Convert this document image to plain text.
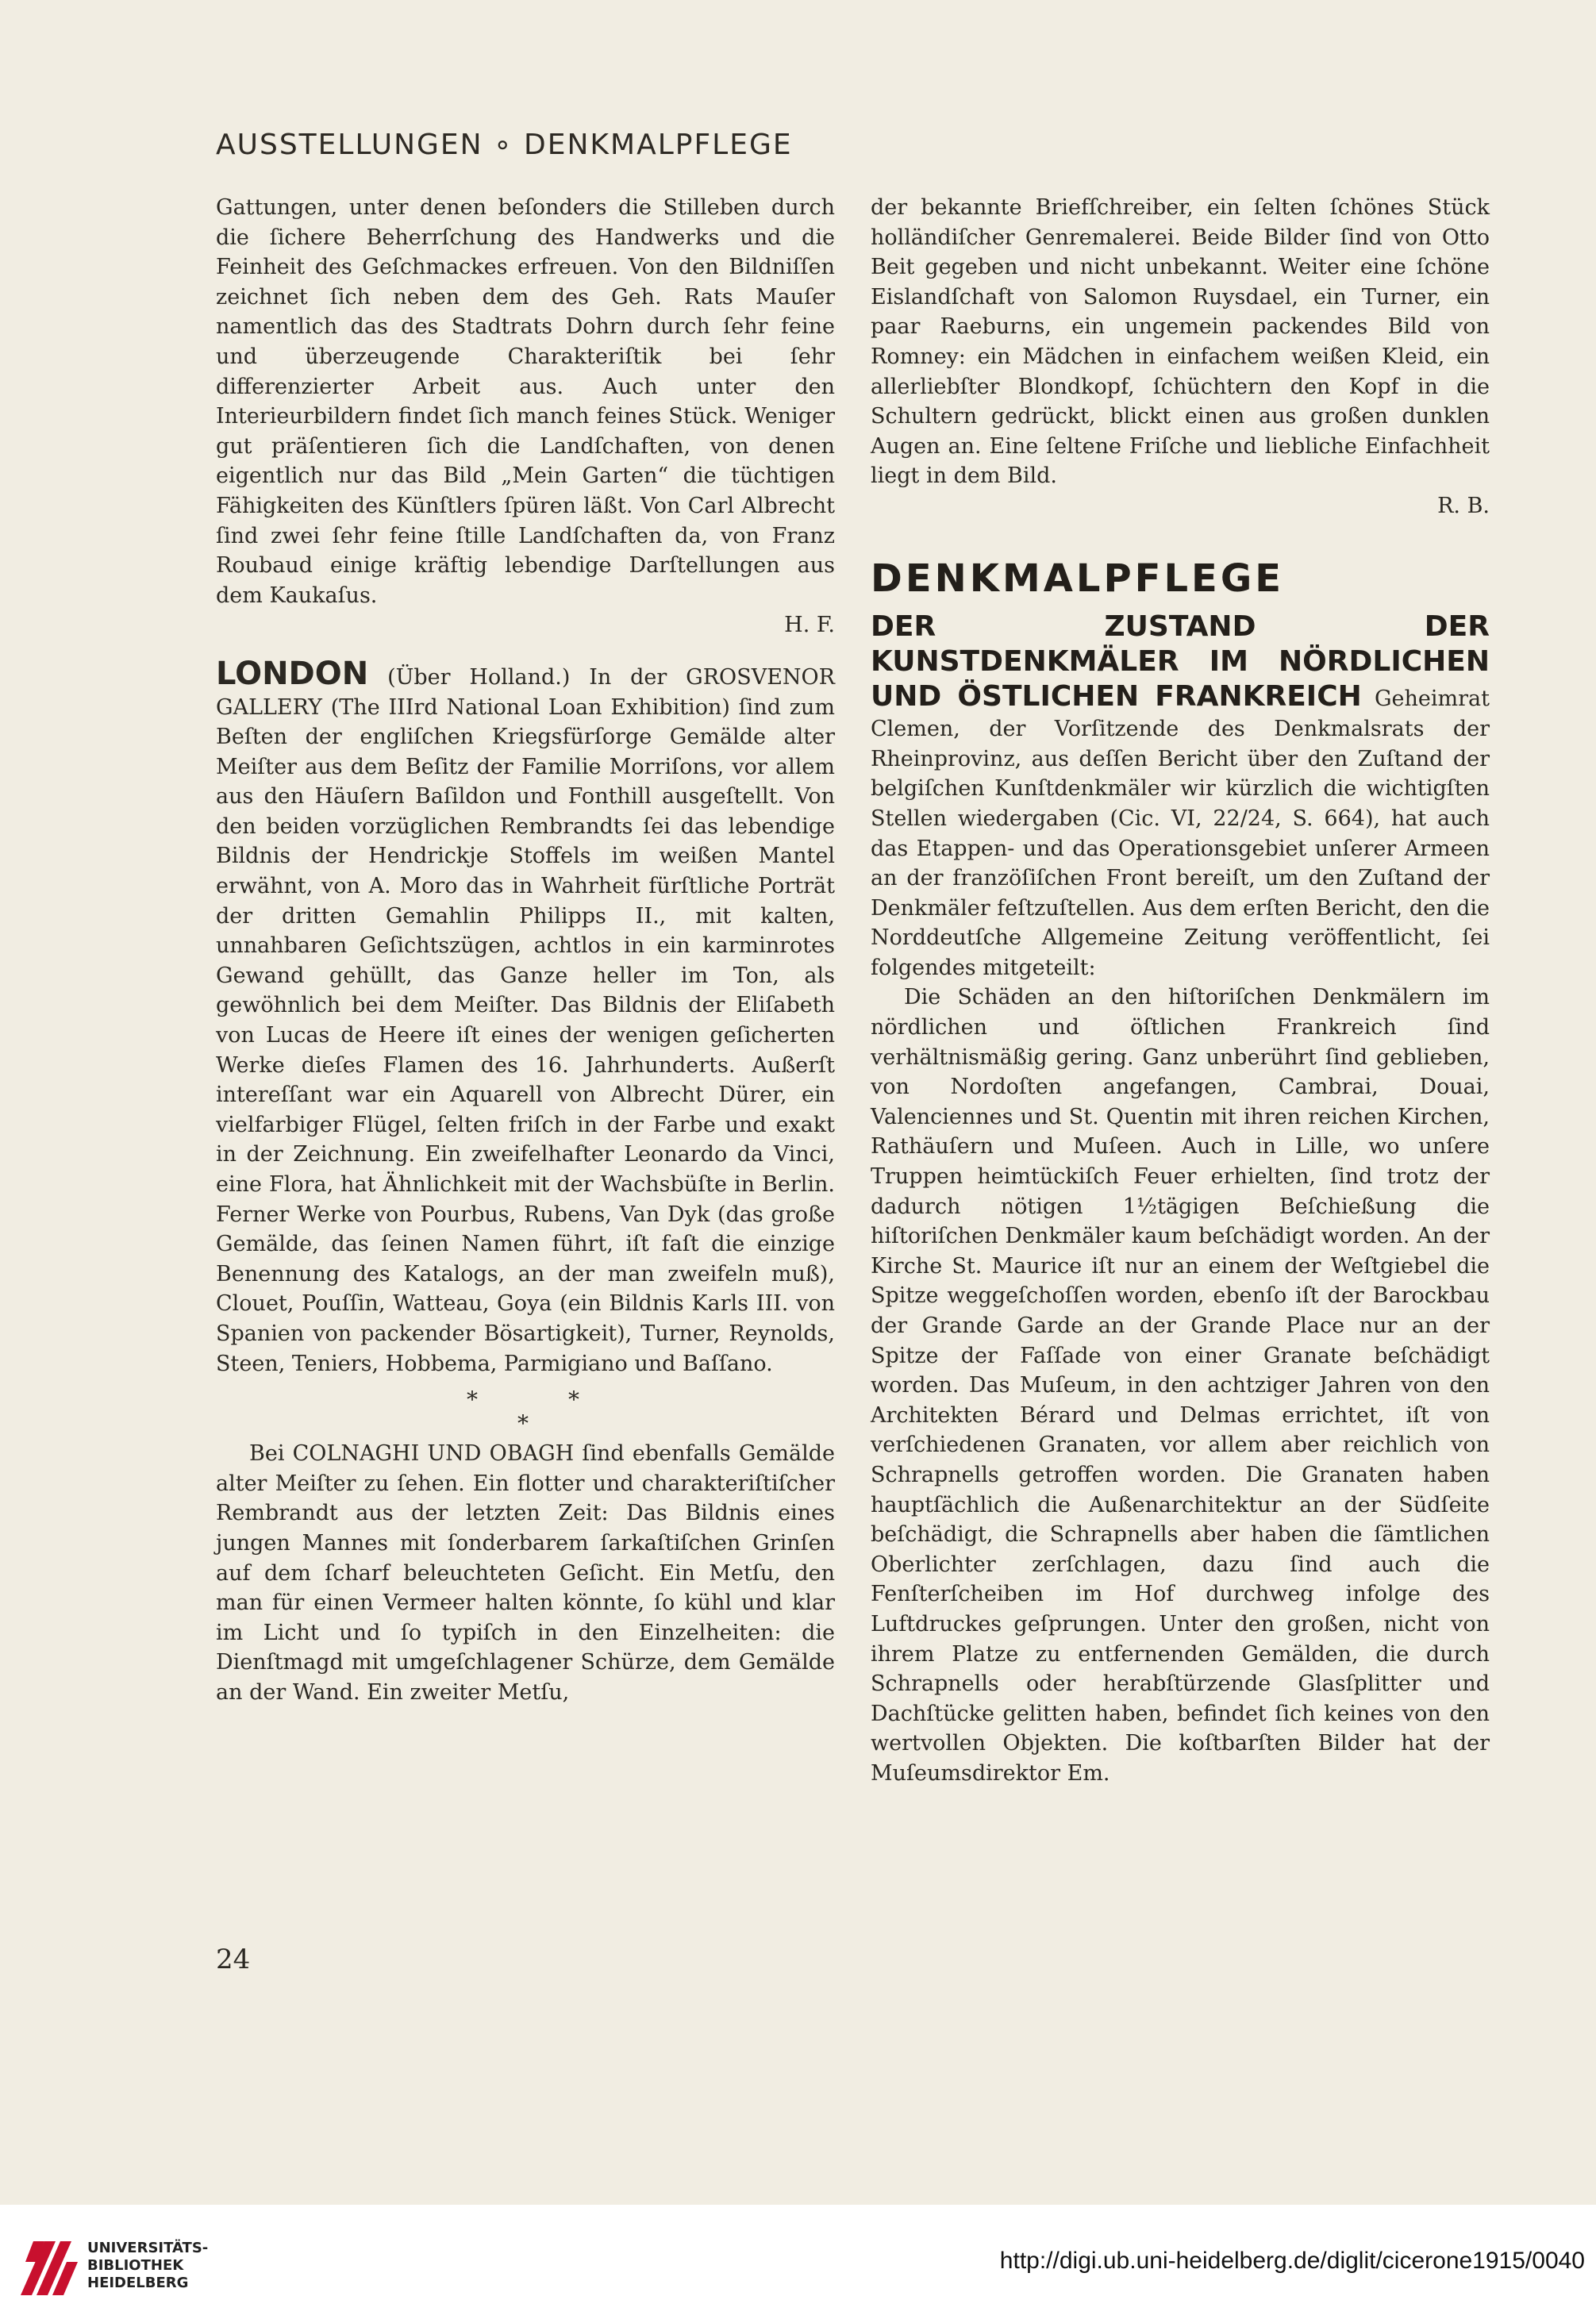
AUSSTELLUNGEN ∘ DENKMALPFLEGE

Gattungen, unter denen beſonders die Stilleben durch die ſichere Beherrſchung des Handwerks und die Feinheit des Geſchmackes erfreuen. Von den Bildniſſen zeichnet ſich neben dem des Geh. Rats Mauſer namentlich das des Stadtrats Dohrn durch ſehr feine und überzeugende Charakteriſtik bei ſehr differenzierter Arbeit aus. Auch unter den Interieurbildern findet ſich manch feines Stück. Weniger gut präſentieren ſich die Landſchaften, von denen eigentlich nur das Bild „Mein Garten“ die tüchtigen Fähigkeiten des Künſtlers ſpüren läßt. Von Carl Albrecht ſind zwei ſehr feine ſtille Landſchaften da, von Franz Roubaud einige kräftig lebendige Darſtellungen aus dem Kaukaſus.
H. F.

LONDON (Über Holland.) In der GROSVENOR GALLERY (The IIIrd National Loan Exhibition) ſind zum Beſten der engliſchen Kriegsfürſorge Gemälde alter Meiſter aus dem Beſitz der Familie Morriſons, vor allem aus den Häuſern Baſildon und Fonthill ausgeſtellt. Von den beiden vorzüglichen Rembrandts ſei das lebendige Bildnis der Hendrickje Stoffels im weißen Mantel erwähnt, von A. Moro das in Wahrheit fürſtliche Porträt der dritten Gemahlin Philipps II., mit kalten, unnahbaren Geſichtszügen, achtlos in ein karminrotes Gewand gehüllt, das Ganze heller im Ton, als gewöhnlich bei dem Meiſter. Das Bildnis der Eliſabeth von Lucas de Heere iſt eines der wenigen geſicherten Werke dieſes Flamen des 16. Jahrhunderts. Außerſt intereſſant war ein Aquarell von Albrecht Dürer, ein vielfarbiger Flügel, ſelten friſch in der Farbe und exakt in der Zeichnung. Ein zweifelhafter Leonardo da Vinci, eine Flora, hat Ähnlichkeit mit der Wachsbüſte in Berlin. Ferner Werke von Pourbus, Rubens, Van Dyk (das große Gemälde, das ſeinen Namen führt, iſt faſt die einzige Benennung des Katalogs, an der man zweifeln muß), Clouet, Pouſſin, Watteau, Goya (ein Bildnis Karls III. von Spanien von packender Bösartigkeit), Turner, Reynolds, Steen, Teniers, Hobbema, Parmigiano und Baſſano.

*	*
*

Bei COLNAGHI UND OBAGH ſind ebenfalls Gemälde alter Meiſter zu ſehen. Ein flotter und charakteriſtiſcher Rembrandt aus der letzten Zeit: Das Bildnis eines jungen Mannes mit ſonderbarem ſarkaſtiſchen Grinſen auf dem ſcharf beleuchteten Geſicht. Ein Metſu, den man für einen Vermeer halten könnte, ſo kühl und klar im Licht und ſo typiſch in den Einzelheiten: die Dienſtmagd mit umgeſchlagener Schürze, dem Gemälde an der Wand. Ein zweiter Metſu,

der bekannte Briefſchreiber, ein ſelten ſchönes Stück holländiſcher Genremalerei. Beide Bilder ſind von Otto Beit gegeben und nicht unbekannt. Weiter eine ſchöne Eislandſchaft von Salomon Ruysdael, ein Turner, ein paar Raeburns, ein ungemein packendes Bild von Romney: ein Mädchen in einfachem weißen Kleid, ein allerliebſter Blondkopf, ſchüchtern den Kopf in die Schultern gedrückt, blickt einen aus großen dunklen Augen an. Eine ſeltene Friſche und liebliche Einfachheit liegt in dem Bild.
R. B.

DENKMALPFLEGE

DER ZUSTAND DER KUNSTDENKMÄLER IM NÖRDLICHEN UND ÖSTLICHEN FRANKREICH Geheimrat Clemen, der Vorſitzende des Denkmalsrats der Rheinprovinz, aus deſſen Bericht über den Zuſtand der belgiſchen Kunſtdenkmäler wir kürzlich die wichtigſten Stellen wiedergaben (Cic. VI, 22/24, S. 664), hat auch das Etappen- und das Operationsgebiet unſerer Armeen an der franzöſiſchen Front bereiſt, um den Zuſtand der Denkmäler feſtzuſtellen. Aus dem erſten Bericht, den die Norddeutſche Allgemeine Zeitung veröffentlicht, ſei folgendes mitgeteilt:

Die Schäden an den hiſtoriſchen Denkmälern im nördlichen und öſtlichen Frankreich ſind verhältnismäßig gering. Ganz unberührt ſind geblieben, von Nordoſten angefangen, Cambrai, Douai, Valenciennes und St. Quentin mit ihren reichen Kirchen, Rathäuſern und Muſeen. Auch in Lille, wo unſere Truppen heimtückiſch Feuer erhielten, ſind trotz der dadurch nötigen 1½tägigen Beſchießung die hiſtoriſchen Denkmäler kaum beſchädigt worden. An der Kirche St. Maurice iſt nur an einem der Weſtgiebel die Spitze weggeſchoſſen worden, ebenſo iſt der Barockbau der Grande Garde an der Grande Place nur an der Spitze der Faſſade von einer Granate beſchädigt worden. Das Muſeum, in den achtziger Jahren von den Architekten Bérard und Delmas errichtet, iſt von verſchiedenen Granaten, vor allem aber reichlich von Schrapnells getroffen worden. Die Granaten haben hauptſächlich die Außenarchitektur an der Südſeite beſchädigt, die Schrapnells aber haben die ſämtlichen Oberlichter zerſchlagen, dazu ſind auch die Fenſterſcheiben im Hof durchweg infolge des Luftdruckes geſprungen. Unter den großen, nicht von ihrem Platze zu entfernenden Gemälden, die durch Schrapnells oder herabſtürzende Glasſplitter und Dachſtücke gelitten haben, befindet ſich keines von den wertvollen Objekten. Die koſtbarſten Bilder hat der Muſeumsdirektor Em.

24
UNIVERSITÄTS-
BIBLIOTHEK
HEIDELBERG
http://digi.ub.uni-heidelberg.de/diglit/cicerone1915/0040
